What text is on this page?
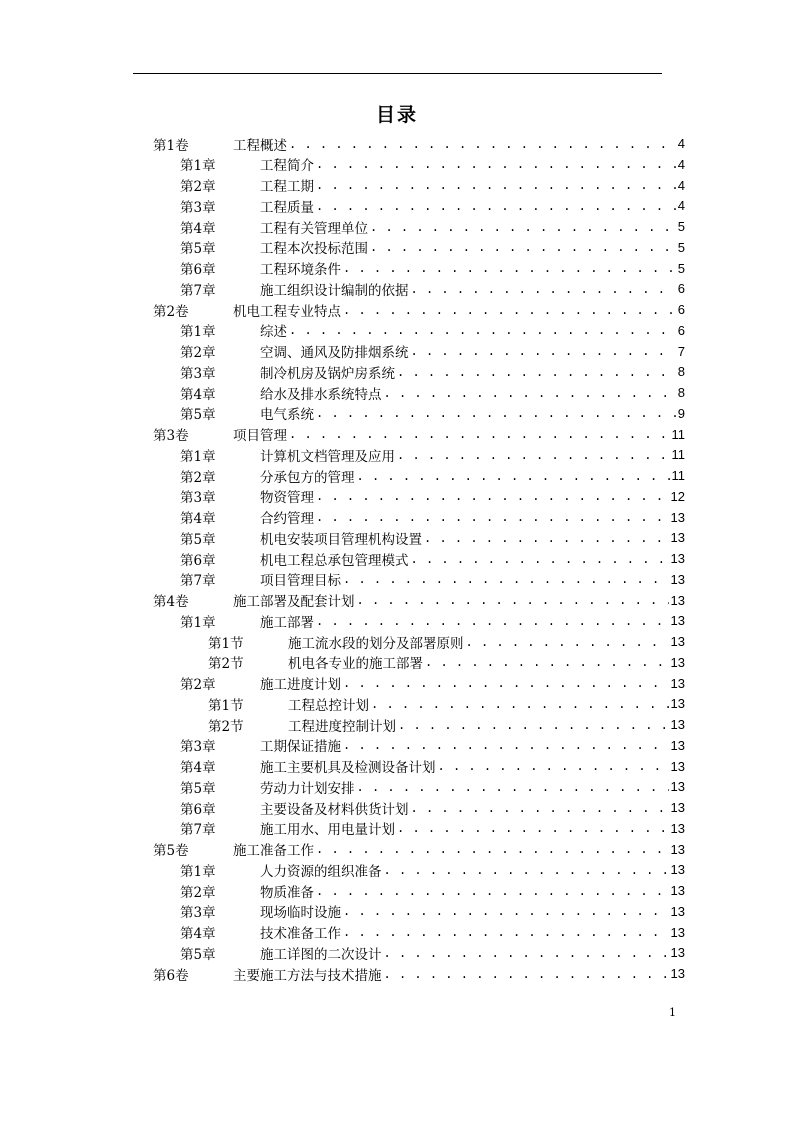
目录
第1卷	工程概述 . . .	4
第1章	工程简介 . . .	4
第2章	工程工期 . . .	4
第3章	工程质量 . . .	4
第4章	工程有关管理单位 . . .	5
第5章	工程本次投标范围 . . .	5
第6章	工程环境条件 . . .	5
第7章	施工组织设计编制的依据 . . .	6
第2卷	机电工程专业特点 . . .	6
第1章	综述 . . .	6
第2章	空调、通风及防排烟系统 . . .	7
第3章	制冷机房及锅炉房系统 . . .	8
第4章	给水及排水系统特点 . . .	8
第5章	电气系统 . . .	9
第3卷	项目管理 . . .	11
第1章	计算机文档管理及应用 . . .	11
第2章	分承包方的管理 . . .	11
第3章	物资管理 . . .	12
第4章	合约管理 . . .	13
第5章	机电安装项目管理机构设置 . . .	13
第6章	机电工程总承包管理模式 . . .	13
第7章	项目管理目标 . . .	13
第4卷	施工部署及配套计划 . . .	13
第1章	施工部署 . . .	13
第1节	施工流水段的划分及部署原则 . . .	13
第2节	机电各专业的施工部署 . . .	13
第2章	施工进度计划 . . .	13
第1节	工程总控计划 . . .	13
第2节	工程进度控制计划 . . .	13
第3章	工期保证措施 . . .	13
第4章	施工主要机具及检测设备计划 . . .	13
第5章	劳动力计划安排 . . .	13
第6章	主要设备及材料供货计划 . . .	13
第7章	施工用水、用电量计划 . . .	13
第5卷	施工准备工作 . . .	13
第1章	人力资源的组织准备 . . .	13
第2章	物质准备 . . .	13
第3章	现场临时设施 . . .	13
第4章	技术准备工作 . . .	13
第5章	施工详图的二次设计 . . .	13
第6卷	主要施工方法与技术措施 . . .	13
1
